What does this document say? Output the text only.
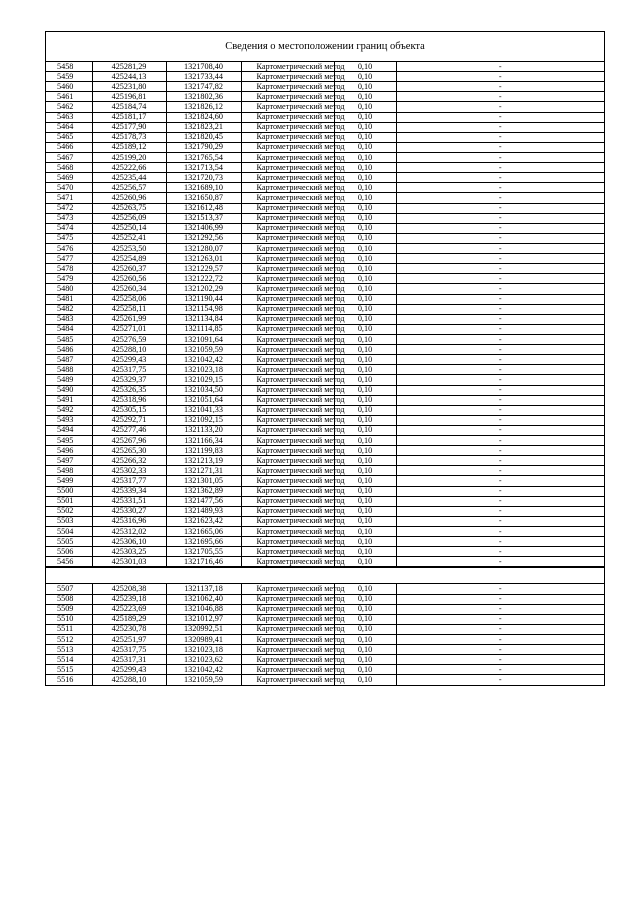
Сведения о местоположении границ объекта
5458	425281,29	1321708,40	Картометрический метод	0,10	-
5459	425244,13	1321733,44	Картометрический метод	0,10	-
5460	425231,80	1321747,82	Картометрический метод	0,10	-
5461	425196,81	1321802,36	Картометрический метод	0,10	-
5462	425184,74	1321826,12	Картометрический метод	0,10	-
5463	425181,17	1321824,60	Картометрический метод	0,10	-
5464	425177,90	1321823,21	Картометрический метод	0,10	-
5465	425178,73	1321820,45	Картометрический метод	0,10	-
5466	425189,12	1321790,29	Картометрический метод	0,10	-
5467	425199,20	1321765,54	Картометрический метод	0,10	-
5468	425222,66	1321713,54	Картометрический метод	0,10	-
5469	425235,44	1321720,73	Картометрический метод	0,10	-
5470	425256,57	1321689,10	Картометрический метод	0,10	-
5471	425260,96	1321650,87	Картометрический метод	0,10	-
5472	425263,75	1321612,48	Картометрический метод	0,10	-
5473	425256,09	1321513,37	Картометрический метод	0,10	-
5474	425250,14	1321406,99	Картометрический метод	0,10	-
5475	425252,41	1321292,56	Картометрический метод	0,10	-
5476	425253,50	1321280,07	Картометрический метод	0,10	-
5477	425254,89	1321263,01	Картометрический метод	0,10	-
5478	425260,37	1321229,57	Картометрический метод	0,10	-
5479	425260,56	1321222,72	Картометрический метод	0,10	-
5480	425260,34	1321202,29	Картометрический метод	0,10	-
5481	425258,06	1321190,44	Картометрический метод	0,10	-
5482	425258,11	1321154,98	Картометрический метод	0,10	-
5483	425261,99	1321134,84	Картометрический метод	0,10	-
5484	425271,01	1321114,85	Картометрический метод	0,10	-
5485	425276,59	1321091,64	Картометрический метод	0,10	-
5486	425288,10	1321059,59	Картометрический метод	0,10	-
5487	425299,43	1321042,42	Картометрический метод	0,10	-
5488	425317,75	1321023,18	Картометрический метод	0,10	-
5489	425329,37	1321029,15	Картометрический метод	0,10	-
5490	425326,35	1321034,50	Картометрический метод	0,10	-
5491	425318,96	1321051,64	Картометрический метод	0,10	-
5492	425305,15	1321041,33	Картометрический метод	0,10	-
5493	425292,71	1321092,15	Картометрический метод	0,10	-
5494	425277,46	1321133,20	Картометрический метод	0,10	-
5495	425267,96	1321166,34	Картометрический метод	0,10	-
5496	425265,30	1321199,83	Картометрический метод	0,10	-
5497	425266,32	1321213,19	Картометрический метод	0,10	-
5498	425302,33	1321271,31	Картометрический метод	0,10	-
5499	425317,77	1321301,05	Картометрический метод	0,10	-
5500	425339,34	1321362,89	Картометрический метод	0,10	-
5501	425331,51	1321477,56	Картометрический метод	0,10	-
5502	425330,27	1321489,93	Картометрический метод	0,10	-
5503	425316,96	1321623,42	Картометрический метод	0,10	-
5504	425312,02	1321665,06	Картометрический метод	0,10	-
5505	425306,10	1321695,66	Картометрический метод	0,10	-
5506	425303,25	1321705,55	Картометрический метод	0,10	-
5456	425301,03	1321716,46	Картометрический метод	0,10	-
5507	425208,38	1321137,18	Картометрический метод	0,10	-
5508	425239,18	1321062,40	Картометрический метод	0,10	-
5509	425223,69	1321046,88	Картометрический метод	0,10	-
5510	425189,29	1321012,97	Картометрический метод	0,10	-
5511	425230,78	1320992,51	Картометрический метод	0,10	-
5512	425251,97	1320989,41	Картометрический метод	0,10	-
5513	425317,75	1321023,18	Картометрический метод	0,10	-
5514	425317,31	1321023,62	Картометрический метод	0,10	-
5515	425299,43	1321042,42	Картометрический метод	0,10	-
5516	425288,10	1321059,59	Картометрический метод	0,10	-
